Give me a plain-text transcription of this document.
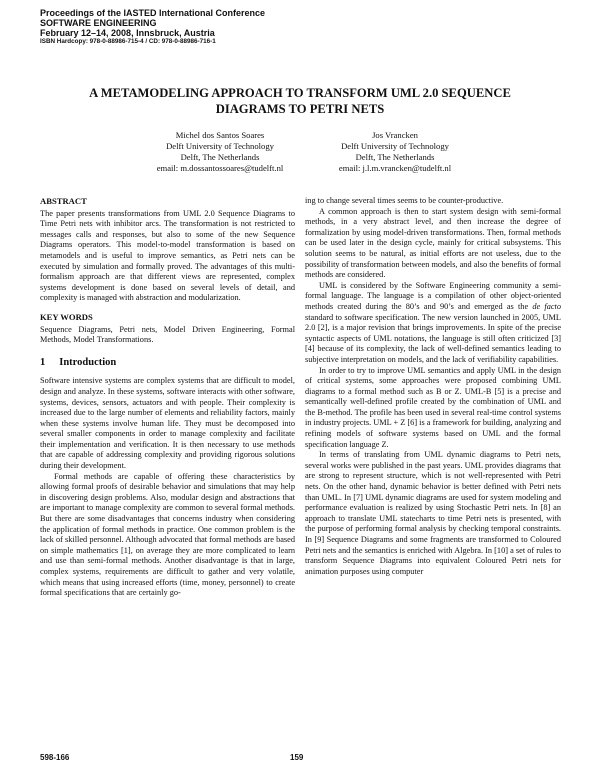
Proceedings of the IASTED International Conference
SOFTWARE ENGINEERING
February 12–14, 2008, Innsbruck, Austria
ISBN Hardcopy: 978-0-88986-715-4 / CD: 978-0-88986-716-1
A METAMODELING APPROACH TO TRANSFORM UML 2.0 SEQUENCE
DIAGRAMS TO PETRI NETS
Michel dos Santos Soares
Delft University of Technology
Delft, The Netherlands
email: m.dossantossoares@tudelft.nl
Jos Vrancken
Delft University of Technology
Delft, The Netherlands
email: j.l.m.vrancken@tudelft.nl
ABSTRACT

The paper presents transformations from UML 2.0 Sequence Diagrams to Time Petri nets with inhibitor arcs. The transformation is not restricted to messages calls and responses, but also to some of the new Sequence Diagrams operators. This model-to-model transformation is based on metamodels and is useful to improve semantics, as Petri nets can be executed by simulation and formally proved. The advantages of this multi-formalism approach are that different views are represented, complex systems development is done based on several levels of detail, and complexity is managed with abstraction and modularization.

KEY WORDS

Sequence Diagrams, Petri nets, Model Driven Engineering, Formal Methods, Model Transformations.

1 Introduction

Software intensive systems are complex systems that are difficult to model, design and analyze. In these systems, software interacts with other software, systems, devices, sensors, actuators and with people. Their complexity is increased due to the large number of elements and reliability factors, mainly when these systems involve human life. They must be decomposed into several smaller components in order to manage complexity and facilitate their implementation and verification. It is then necessary to use methods that are capable of addressing complexity and providing rigorous solutions during their development.

Formal methods are capable of offering these characteristics by allowing formal proofs of desirable behavior and simulations that may help in discovering design problems. Also, modular design and abstractions that are important to manage complexity are common to several formal methods. But there are some disadvantages that concerns industry when considering the application of formal methods in practice. One common problem is the lack of skilled personnel. Although advocated that formal methods are based on simple mathematics [1], on average they are more complicated to learn and use than semi-formal methods. Another disadvantage is that in large, complex systems, requirements are difficult to gather and very volatile, which means that using increased efforts (time, money, personnel) to create formal specifications that are certainly go-

ing to change several times seems to be counter-productive.

A common approach is then to start system design with semi-formal methods, in a very abstract level, and then increase the degree of formalization by using model-driven transformations. Then, formal methods can be used later in the design cycle, mainly for critical subsystems. This solution seems to be natural, as initial efforts are not useless, due to the possibility of transformation between models, and also the benefits of formal methods are considered.

UML is considered by the Software Engineering community a semi-formal language. The language is a compilation of other object-oriented methods created during the 80’s and 90’s and emerged as the de facto standard to software specification. The new version launched in 2005, UML 2.0 [2], is a major revision that brings improvements. In spite of the precise syntactic aspects of UML notations, the language is still often criticized [3] [4] because of its complexity, the lack of well-defined semantics leading to subjective interpretation on models, and the lack of verifiability capabilities.

In order to try to improve UML semantics and apply UML in the design of critical systems, some approaches were proposed combining UML diagrams to a formal method such as B or Z. UML-B [5] is a precise and semantically well-defined profile created by the combination of UML and the B-method. The profile has been used in several real-time control systems in industry projects. UML + Z [6] is a framework for building, analyzing and refining models of software systems based on UML and the formal specification language Z.

In terms of translating from UML dynamic diagrams to Petri nets, several works were published in the past years. UML provides diagrams that are strong to represent structure, which is not well-represented with Petri nets. On the other hand, dynamic behavior is better defined with Petri nets than UML. In [7] UML dynamic diagrams are used for system modeling and performance evaluation is realized by using Stochastic Petri nets. In [8] an approach to translate UML statecharts to time Petri nets is presented, with the purpose of performing formal analysis by checking temporal constraints. In [9] Sequence Diagrams and some fragments are transformed to Coloured Petri nets and the semantics is enriched with Algebra. In [10] a set of rules to transform Sequence Diagrams into equivalent Coloured Petri nets for animation purposes using computer

598-166	159
